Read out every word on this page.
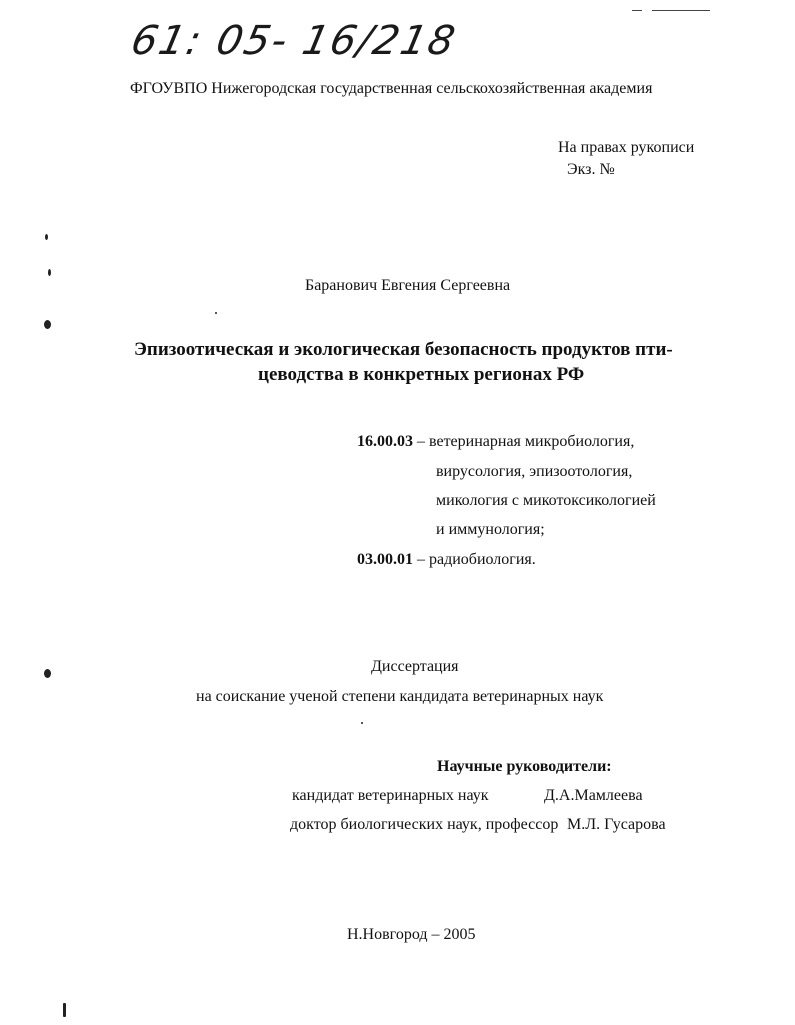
61: 05- 16/218
ФГОУВПО Нижегородская государственная сельскохозяйственная академия
На правах рукописи
Экз. №
Баранович Евгения Сергеевна
Эпизоотическая и экологическая безопасность продуктов пти-
цеводства в конкретных регионах РФ
16.00.03 – ветеринарная микробиология,
вирусология, эпизоотология,
микология с микотоксикологией
и иммунология;
03.00.01 – радиобиология.
Диссертация
на соискание ученой степени кандидата ветеринарных наук
Научные руководители:
кандидат ветеринарных наук	Д.А.Мамлеева
доктор биологических наук, профессор М.Л. Гусарова
Н.Новгород – 2005
